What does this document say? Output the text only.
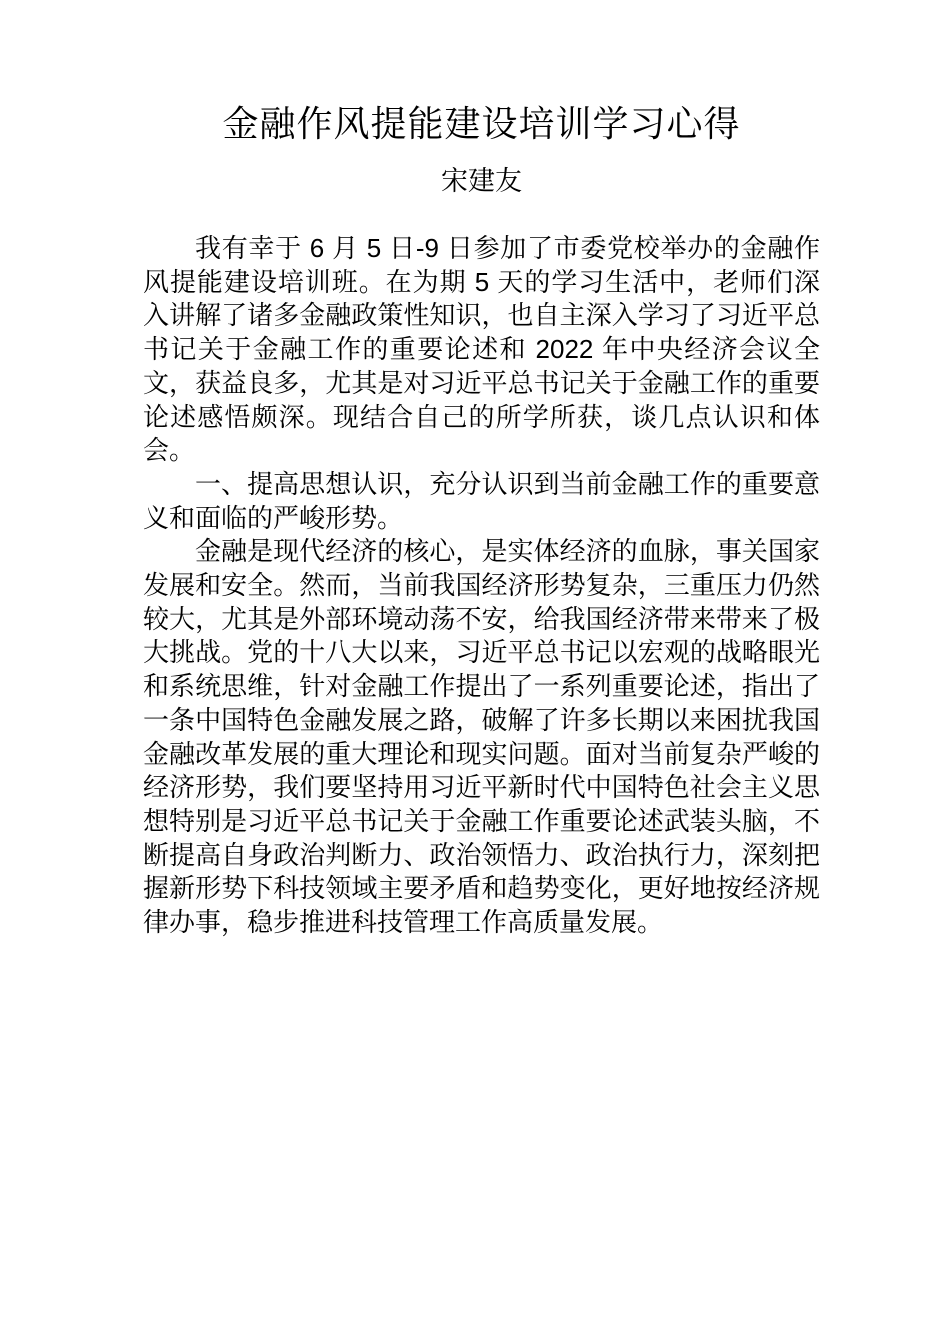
金融作风提能建设培训学习心得
宋建友

我有幸于 6 月 5 日-9 日参加了市委党校举办的金融作风提能建设培训班。在为期 5 天的学习生活中，老师们深入讲解了诸多金融政策性知识，也自主深入学习了习近平总书记关于金融工作的重要论述和 2022 年中央经济会议全文，获益良多，尤其是对习近平总书记关于金融工作的重要论述感悟颇深。现结合自己的所学所获，谈几点认识和体会。

一、提高思想认识，充分认识到当前金融工作的重要意义和面临的严峻形势。

金融是现代经济的核心，是实体经济的血脉，事关国家发展和安全。然而，当前我国经济形势复杂，三重压力仍然较大，尤其是外部环境动荡不安，给我国经济带来带来了极大挑战。党的十八大以来，习近平总书记以宏观的战略眼光和系统思维，针对金融工作提出了一系列重要论述，指出了一条中国特色金融发展之路，破解了许多长期以来困扰我国金融改革发展的重大理论和现实问题。面对当前复杂严峻的经济形势，我们要坚持用习近平新时代中国特色社会主义思想特别是习近平总书记关于金融工作重要论述武装头脑，不断提高自身政治判断力、政治领悟力、政治执行力，深刻把握新形势下科技领域主要矛盾和趋势变化，更好地按经济规律办事，稳步推进科技管理工作高质量发展。
